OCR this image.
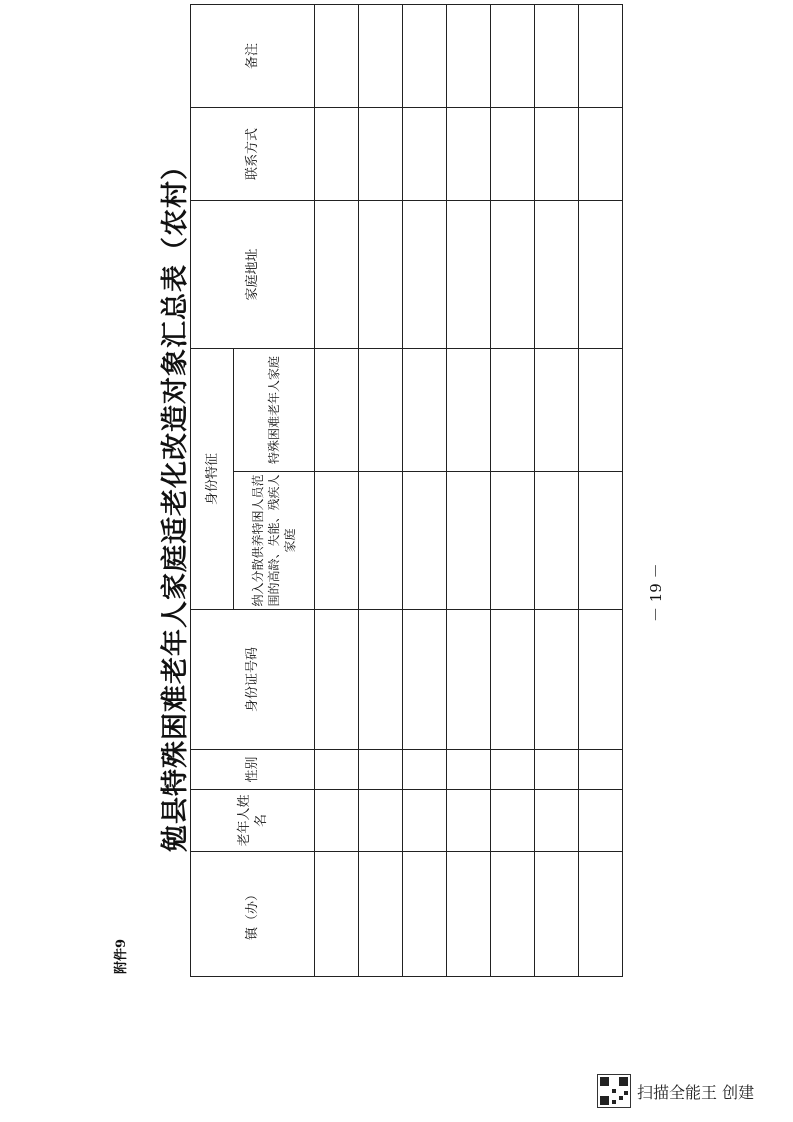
附件9
勉县特殊困难老年人家庭适老化改造对象汇总表（农村）
镇（办）	老年人姓名	性别	身份证号码	身份特征		家庭地址	联系方式	备注
				纳入分散供养特困人员范围的高龄、失能、残疾人家庭	特殊困难老年人家庭			

－ 19 －
扫描全能王 创建
